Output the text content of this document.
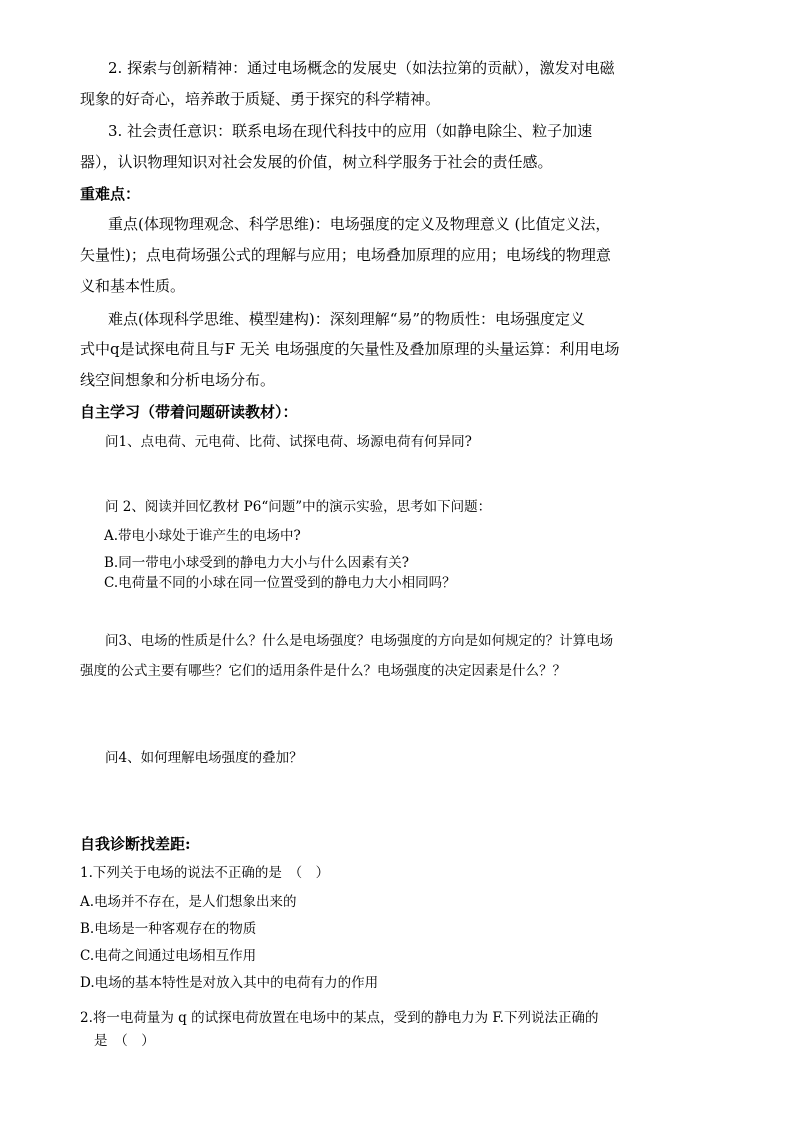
2. 探索与创新精神：通过电场概念的发展史（如法拉第的贡献），激发对电磁
现象的好奇心，培养敢于质疑、勇于探究的科学精神。
3. 社会责任意识：联系电场在现代科技中的应用（如静电除尘、粒子加速
器），认识物理知识对社会发展的价值，树立科学服务于社会的责任感。
重难点：
重点(体现物理观念、科学思维)：电场强度的定义及物理意义 (比值定义法，
矢量性)；点电荷场强公式的理解与应用；电场叠加原理的应用；电场线的物理意
义和基本性质。
难点(体现科学思维、模型建构)：深刻理解“易”的物质性：电场强度定义
式中q是试探电荷且与F 无关 电场强度的矢量性及叠加原理的头量运算：利用电场
线空间想象和分析电场分布。
自主学习（带着问题研读教材）：
问1、点电荷、元电荷、比荷、试探电荷、场源电荷有何异同?
问 2、阅读并回忆教材 P6“问题”中的演示实验，思考如下问题：
A.带电小球处于谁产生的电场中?
B.同一带电小球受到的静电力大小与什么因素有关?
C.电荷量不同的小球在同一位置受到的静电力大小相同吗？
问3、电场的性质是什么？什么是电场强度？电场强度的方向是如何规定的？计算电场
强度的公式主要有哪些？它们的适用条件是什么？电场强度的决定因素是什么？？
问4、如何理解电场强度的叠加？
自我诊断找差距:
1.下列关于电场的说法不正确的是　（　）
A.电场并不存在，是人们想象出来的
B.电场是一种客观存在的物质
C.电荷之间通过电场相互作用
D.电场的基本特性是对放入其中的电荷有力的作用
2.将一电荷量为 q 的试探电荷放置在电场中的某点，受到的静电力为 F.下列说法正确的
是　（　）
